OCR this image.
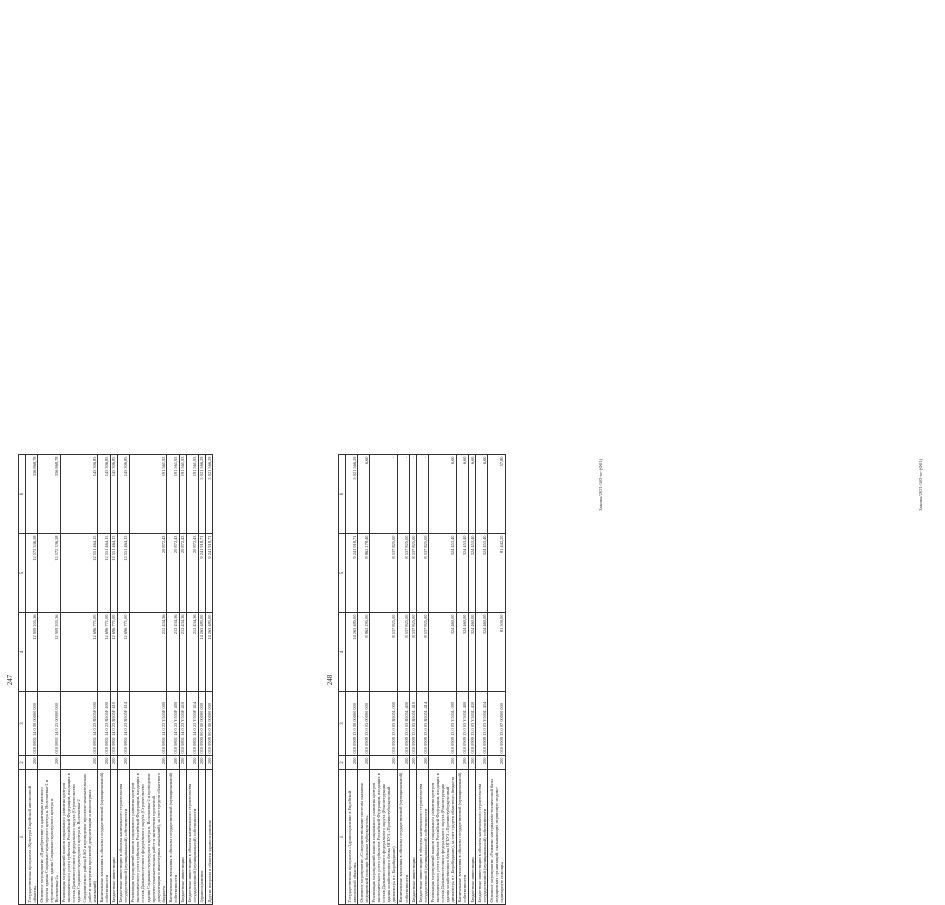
247
1	2	3	4	5	6
Государственная программа «Культура Еврейской автономной области»	200	010 0801 14 0 00 00000 000	12 909 205,36	12 572 336,58	336 868,78
Основное мероприятие «Приобретение и адаптация типового проекта здания Социально-культурного центра п. Волочаевка-2 и строительство здания Социально-культурного центра п. Волочаевка-2»	200	010 0801 14 0 23 00000 000	12 909 205,36	12 572 336,58	336 868,78
Реализация мероприятий планов социального развития центров экономического роста субъектов Российской Федерации, входящих в состав Дальневосточного федерального округа (Строительство здания Социально-культурного центра п. Волочаевка-2 Смидовичского района ЕАО и проведение проектно-изыскательских работ и экспертизы проектной документации и инженерных изысканий)	200	010 0801 14 0 23 R505F 000	12 696 771,00	12 551 464,15	145 306,85
Капитальные вложения в объекты государственной (муниципальной) собственности	200	010 0801 14 0 23 R505F 400	12 696 771,00	12 551 464,15	145 306,85
Бюджетные инвестиции	200	010 0801 14 0 23 R505F 410	12 696 771,00	12 551 464,15	145 306,85
Бюджетные инвестиции в объекты капитального строительства государственной (муниципальной) собственности	200	010 0801 14 0 23 R505F 414	12 696 771,00	12 551 464,15	145 306,85
Реализация мероприятий планов социального развития центров экономического роста субъектов Российской Федерации, входящих в состав Дальневосточного федерального округа (Строительство здания Социально-культурного центра п. Волочаевка-2 и проведение проектно-изыскательских работ и экспертизы проектной документации и инженерных изысканий), за счет средств областного бюджета	200	010 0801 14 0 23 V505F 000	212 434,36	20 872,43	191 561,93
Капитальные вложения в объекты государственной (муниципальной) собственности	200	010 0801 14 0 23 V505F 400	212 434,36	20 872,43	191 561,93
Бюджетные инвестиции	200	010 0801 14 0 23 V505F 410	212 434,36	20 872,43	191 561,93
Бюджетные инвестиции в объекты капитального строительства государственной (муниципальной) собственности	200	010 0801 14 0 23 V505F 414	212 434,36	20 872,43	191 561,93
Здравоохранение	200	010 0900 00 0 00 00000 000	14 263 485,00	9 241 918,71	5 021 566,29
Другие вопросы в области здравоохранения	200	010 0909 00 0 00 00000 000	14 263 485,00	9 241 918,71	5 021 566,29	Законы/2021-583-ос-(Ф01)
248
1	2	3	4	5	6
Государственная программа «Здравоохранение в Еврейской автономной области»	200	010 0909 13 0 00 00000 000	14 263 485,00	9 241 918,71	5 021 566,29
Основное мероприятие «Совершенствование системы оказания медицинской помощи больным туберкулезом»	200	010 0909 13 0 03 00000 000	8 862 295,00	8 862 278,40	6,60
Реализация мероприятий планов социального развития центров экономического роста субъектов Российской Федерации, входящих в состав Дальневосточного федерального округа (Реконструкция здания хозяйственного блока ОГБУЗ «Противотуберкулезный диспансер» в г. Биробиджане)	200	010 0909 13 0 03 R505L 000	8 537 825,00	8 537 825,00	-
Капитальные вложения в объекты государственной (муниципальной) собственности	200	010 0909 13 0 03 R505L 400	8 537 825,00	8 537 825,00	-
Бюджетные инвестиции	200	010 0909 13 0 03 R505L 410	8 537 825,00	8 537 825,00	-
Бюджетные инвестиции в объекты капитального строительства государственной (муниципальной) собственности	200	010 0909 13 0 03 R505L 414	8 537 825,00	8 537 825,00	-
Реализация мероприятий планов социального развития центров экономического роста субъектов Российской Федерации, входящих в состав Дальневосточного федерального округа (Реконструкция здания хозяйственного блока ОГБУЗ «Противотуберкулезный диспансер» в г. Биробиджане), за счет средств областного бюджета	200	010 0909 13 0 03 V505L 000	324 460,00	324 453,40	6,60
Капитальные вложения в объекты государственной (муниципальной) собственности	200	010 0909 13 0 03 V505L 400	324 460,00	324 453,40	6,60
Бюджетные инвестиции	200	010 0909 13 0 03 V505L 410	324 460,00	324 453,40	6,60
Бюджетные инвестиции в объекты капитального строительства государственной (муниципальной) собственности	200	010 0909 13 0 03 V505L 414	324 460,00	324 453,40	6,60
Основное мероприятие «Развитие материально-технической базы медицинских организаций, оказывающих первичную медико-санитарную помощь»	200	010 0909 13 0 07 00000 000	81 500,00	81 442,20	57,80	Законы/2021-583-ос-(Ф01)
